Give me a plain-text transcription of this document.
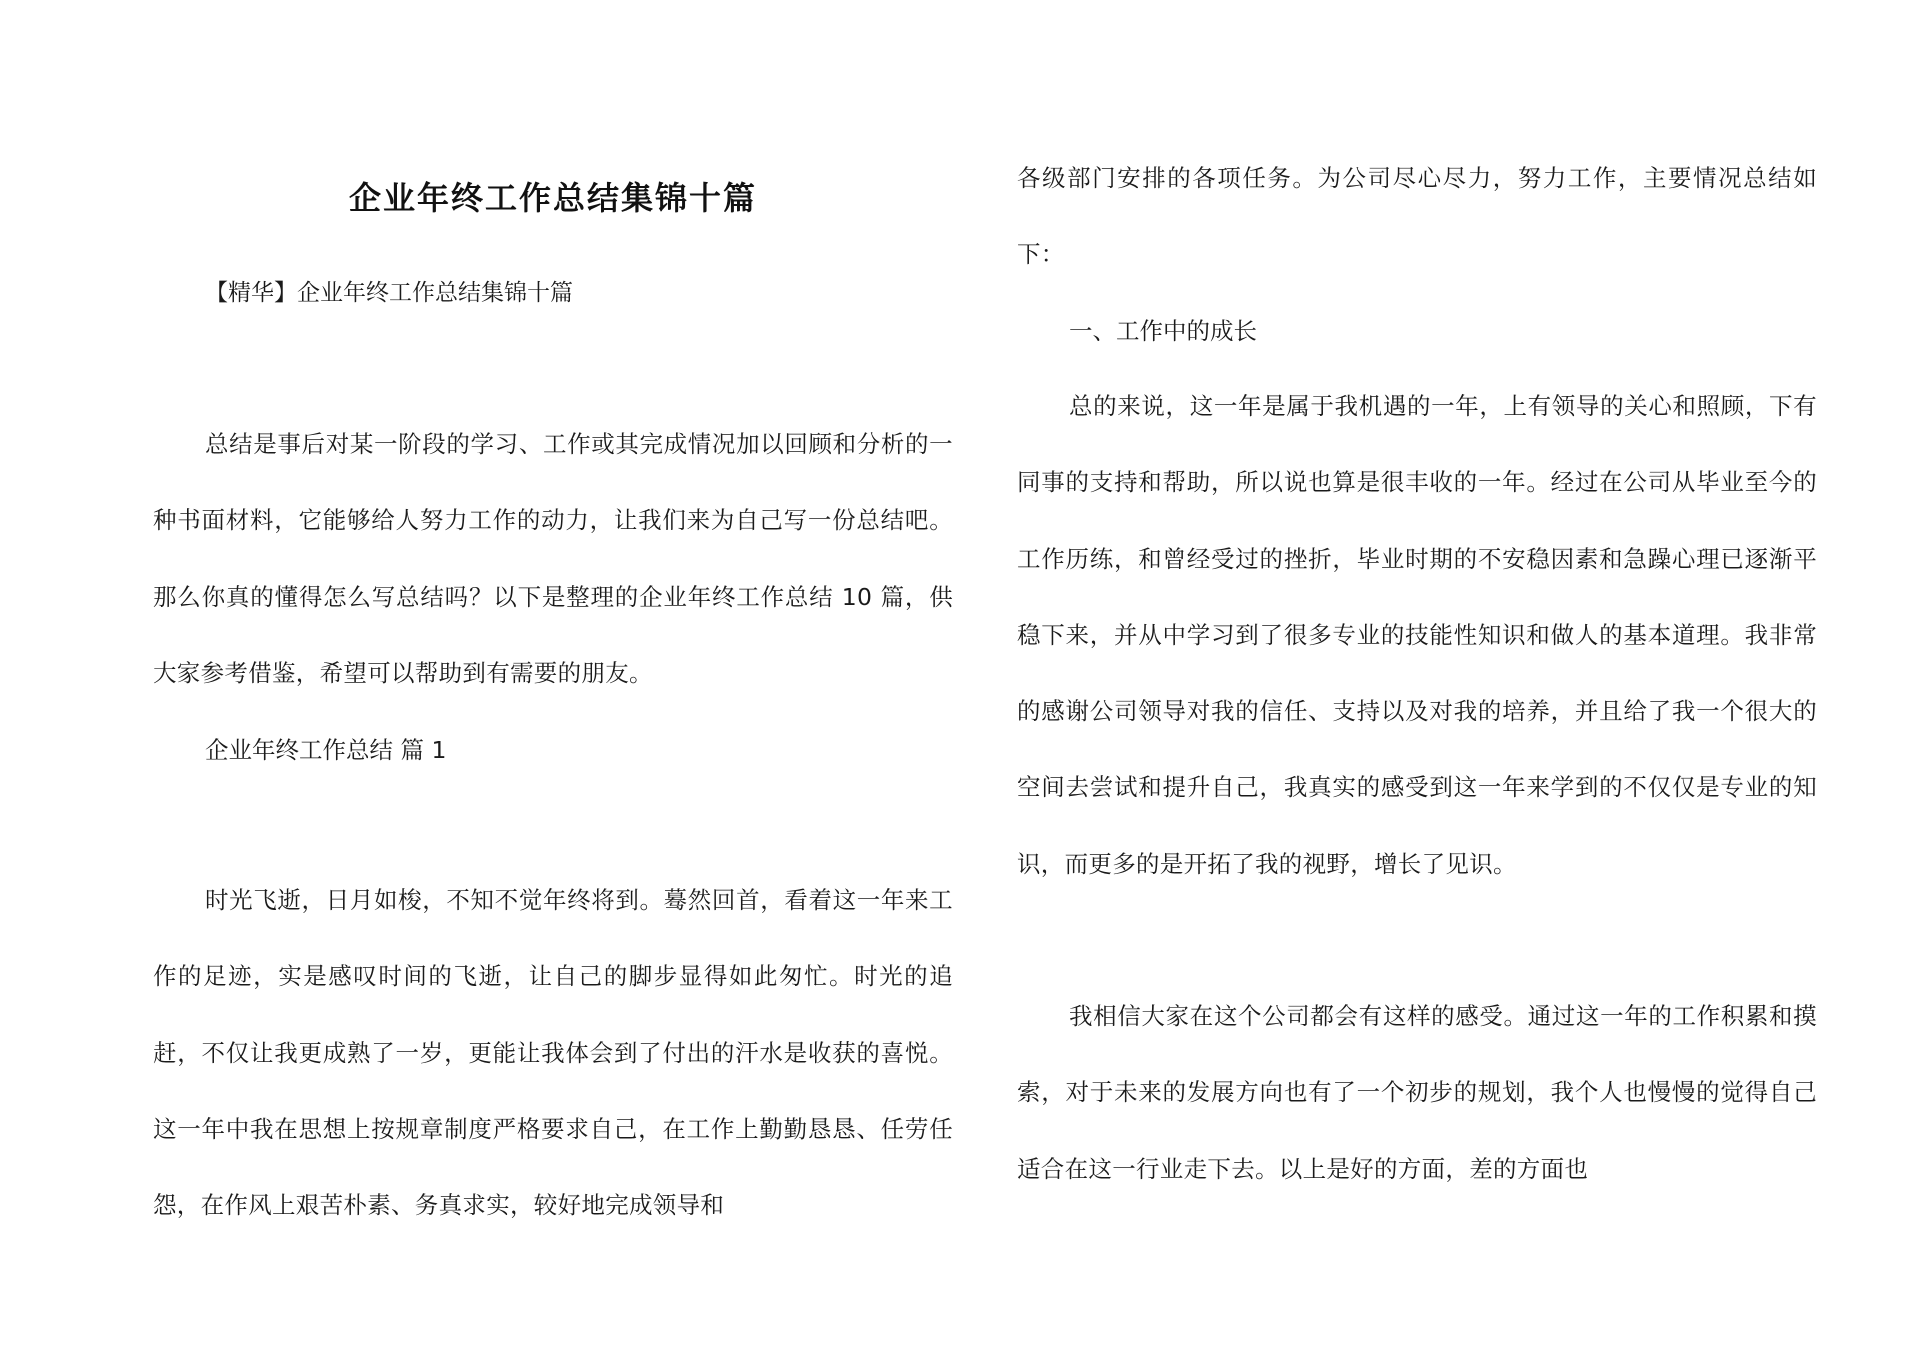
企业年终工作总结集锦十篇

【精华】企业年终工作总结集锦十篇

总结是事后对某一阶段的学习、工作或其完成情况加以回顾和分析的一种书面材料，它能够给人努力工作的动力，让我们来为自己写一份总结吧。那么你真的懂得怎么写总结吗？以下是整理的企业年终工作总结 10 篇，供大家参考借鉴，希望可以帮助到有需要的朋友。

企业年终工作总结 篇 1

时光飞逝，日月如梭，不知不觉年终将到。蓦然回首，看着这一年来工作的足迹，实是感叹时间的飞逝，让自己的脚步显得如此匆忙。时光的追赶，不仅让我更成熟了一岁，更能让我体会到了付出的汗水是收获的喜悦。这一年中我在思想上按规章制度严格要求自己，在工作上勤勤恳恳、任劳任怨，在作风上艰苦朴素、务真求实，较好地完成领导和

各级部门安排的各项任务。为公司尽心尽力，努力工作，主要情况总结如下：

一、工作中的成长

总的来说，这一年是属于我机遇的一年，上有领导的关心和照顾，下有同事的支持和帮助，所以说也算是很丰收的一年。经过在公司从毕业至今的工作历练，和曾经受过的挫折，毕业时期的不安稳因素和急躁心理已逐渐平稳下来，并从中学习到了很多专业的技能性知识和做人的基本道理。我非常的感谢公司领导对我的信任、支持以及对我的培养，并且给了我一个很大的空间去尝试和提升自己，我真实的感受到这一年来学到的不仅仅是专业的知识，而更多的是开拓了我的视野，增长了见识。

我相信大家在这个公司都会有这样的感受。通过这一年的工作积累和摸索，对于未来的发展方向也有了一个初步的规划，我个人也慢慢的觉得自己适合在这一行业走下去。以上是好的方面，差的方面也
